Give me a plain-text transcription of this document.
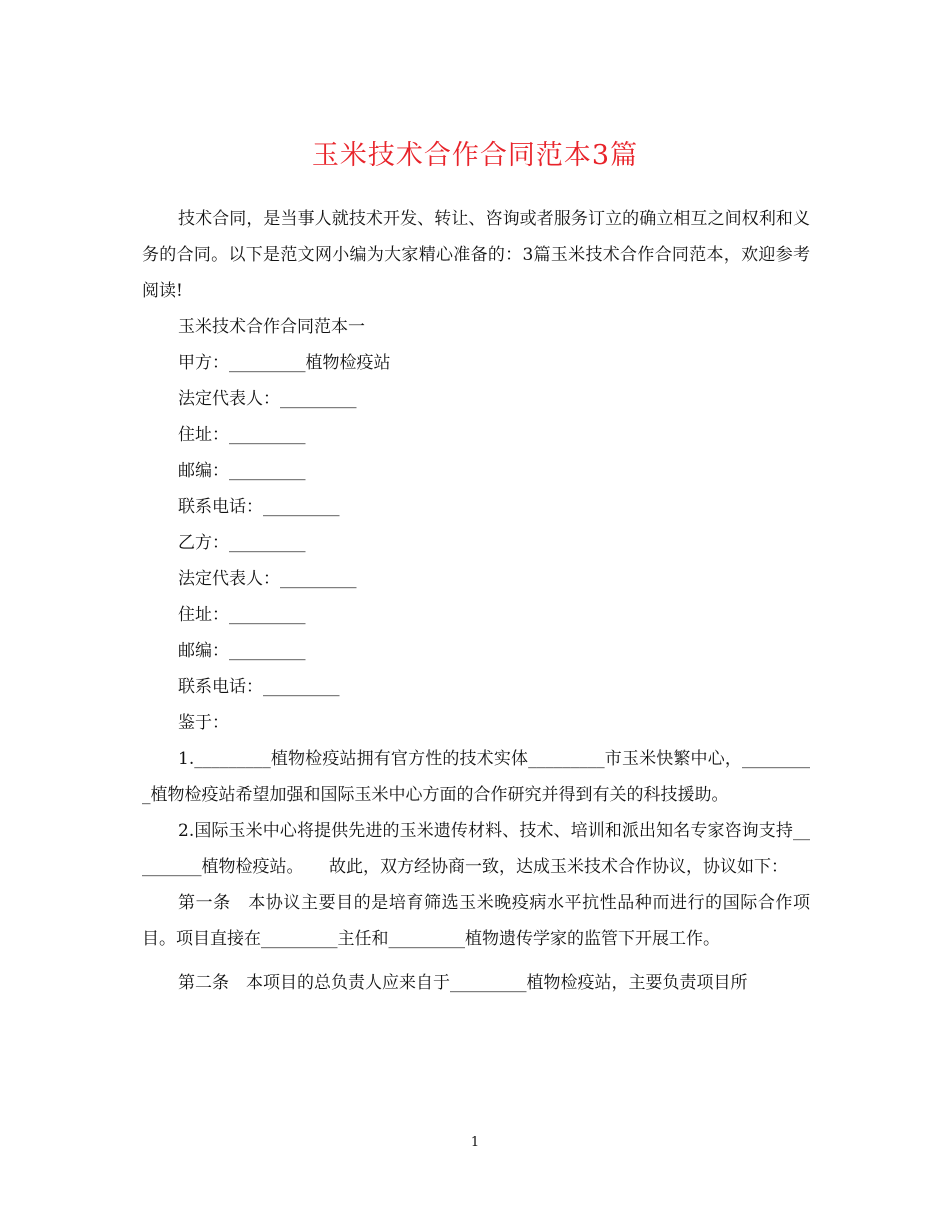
玉米技术合作合同范本3篇

技术合同，是当事人就技术开发、转让、咨询或者服务订立的确立相互之间权利和义务的合同。以下是范文网小编为大家精心准备的：3篇玉米技术合作合同范本，欢迎参考阅读!

玉米技术合作合同范本一

甲方：_________植物检疫站

法定代表人：_________

住址：_________

邮编：_________

联系电话：_________

乙方：_________

法定代表人：_________

住址：_________

邮编：_________

联系电话：_________

鉴于：

1._________植物检疫站拥有官方性的技术实体_________市玉米快繁中心，_________植物检疫站希望加强和国际玉米中心方面的合作研究并得到有关的科技援助。

2.国际玉米中心将提供先进的玉米遗传材料、技术、培训和派出知名专家咨询支持_________植物检疫站。　　故此，双方经协商一致，达成玉米技术合作协议，协议如下：

第一条　本协议主要目的是培育筛选玉米晚疫病水平抗性品种而进行的国际合作项目。项目直接在_________主任和_________植物遗传学家的监管下开展工作。

第二条　本项目的总负责人应来自于_________植物检疫站，主要负责项目所

1
